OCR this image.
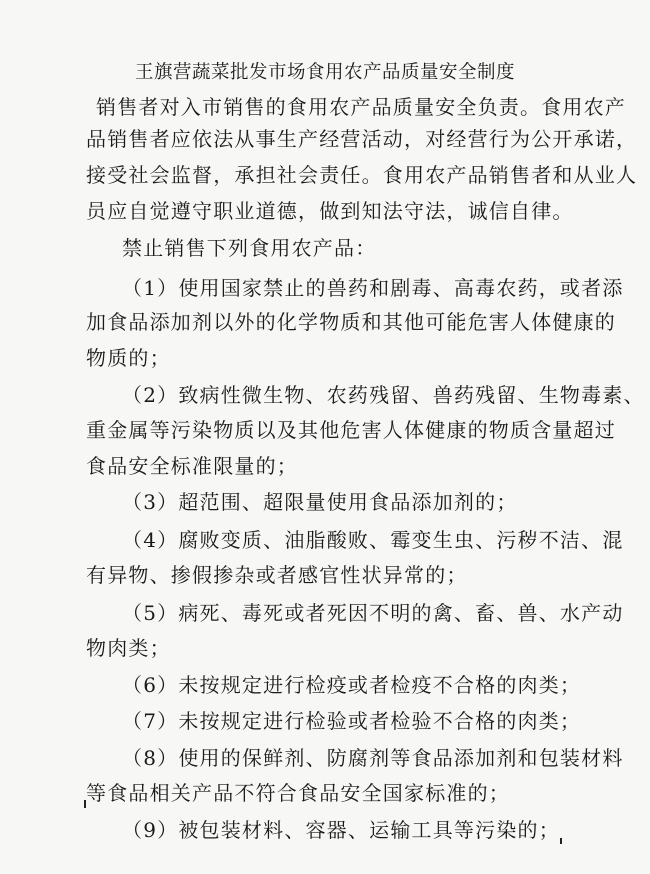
王旗营蔬菜批发市场食用农产品质量安全制度
销售者对入市销售的食用农产品质量安全负责。食用农产
品销售者应依法从事生产经营活动，对经营行为公开承诺，
接受社会监督，承担社会责任。食用农产品销售者和从业人
员应自觉遵守职业道德，做到知法守法，诚信自律。
禁止销售下列食用农产品：
（1）使用国家禁止的兽药和剧毒、高毒农药，或者添
加食品添加剂以外的化学物质和其他可能危害人体健康的
物质的；
（2）致病性微生物、农药残留、兽药残留、生物毒素、
重金属等污染物质以及其他危害人体健康的物质含量超过
食品安全标准限量的；
（3）超范围、超限量使用食品添加剂的；
（4）腐败变质、油脂酸败、霉变生虫、污秽不洁、混
有异物、掺假掺杂或者感官性状异常的；
（5）病死、毒死或者死因不明的禽、畜、兽、水产动
物肉类；
（6）未按规定进行检疫或者检疫不合格的肉类；
（7）未按规定进行检验或者检验不合格的肉类；
（8）使用的保鲜剂、防腐剂等食品添加剂和包装材料
等食品相关产品不符合食品安全国家标准的；
（9）被包装材料、容器、运输工具等污染的；
